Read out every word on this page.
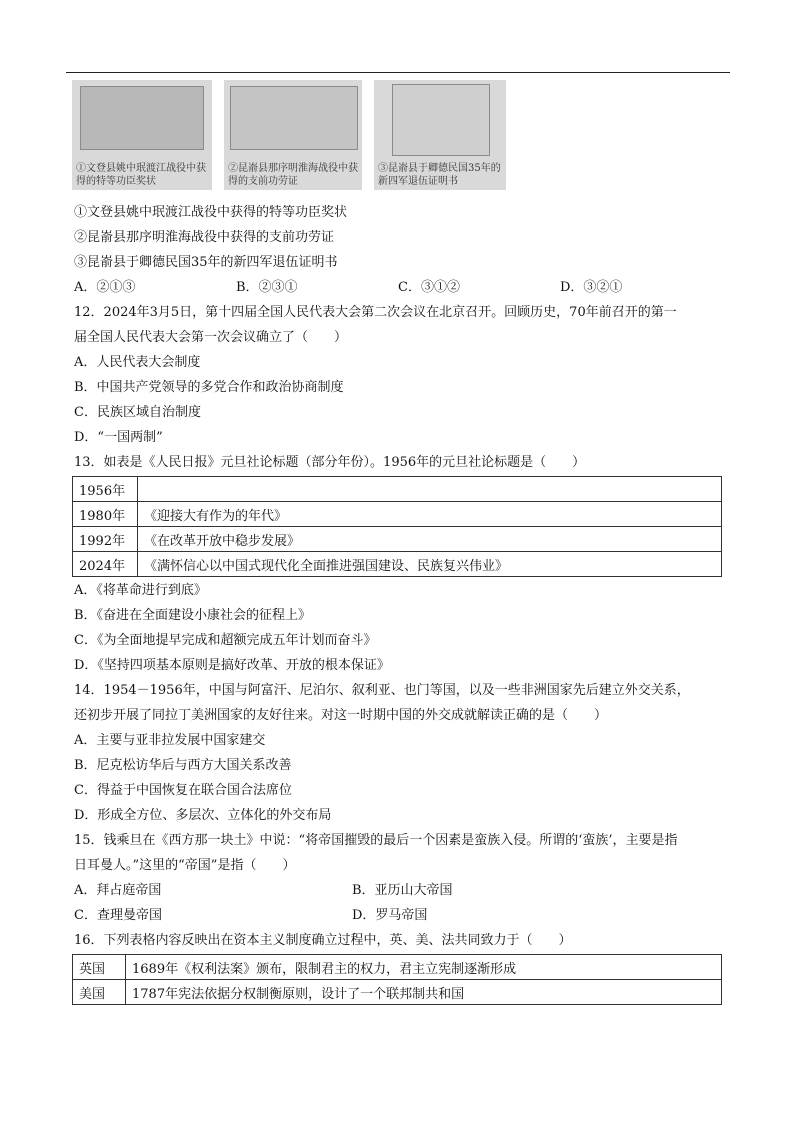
①文登县姚中珉渡江战役中获得的特等功臣奖状
②昆嵛县那序明淮海战役中获得的支前功劳证
③昆嵛县于卿德民国35年的新四军退伍证明书
①文登县姚中珉渡江战役中获得的特等功臣奖状
②昆嵛县那序明淮海战役中获得的支前功劳证
③昆嵛县于卿德民国35年的新四军退伍证明书
A．②①③	B．②③①	C．③①②	D．③②①
12．2024年3月5日，第十四届全国人民代表大会第二次会议在北京召开。回顾历史，70年前召开的第一
届全国人民代表大会第一次会议确立了（　　）
A．人民代表大会制度
B．中国共产党领导的多党合作和政治协商制度
C．民族区域自治制度
D．“一国两制”
13．如表是《人民日报》元旦社论标题（部分年份）。1956年的元旦社论标题是（　　）
1956年	
1980年	《迎接大有作为的年代》
1992年	《在改革开放中稳步发展》
2024年	《满怀信心以中国式现代化全面推进强国建设、民族复兴伟业》
A．《将革命进行到底》
B．《奋进在全面建设小康社会的征程上》
C．《为全面地提早完成和超额完成五年计划而奋斗》
D．《坚持四项基本原则是搞好改革、开放的根本保证》
14．1954－1956年，中国与阿富汗、尼泊尔、叙利亚、也门等国，以及一些非洲国家先后建立外交关系，
还初步开展了同拉丁美洲国家的友好往来。对这一时期中国的外交成就解读正确的是（　　）
A．主要与亚非拉发展中国家建交
B．尼克松访华后与西方大国关系改善
C．得益于中国恢复在联合国合法席位
D．形成全方位、多层次、立体化的外交布局
15．钱乘旦在《西方那一块土》中说：“将帝国摧毁的最后一个因素是蛮族入侵。所谓的‘蛮族’，主要是指
日耳曼人。”这里的“帝国”是指（　　）
A．拜占庭帝国	B．亚历山大帝国
C．查理曼帝国	D．罗马帝国
16．下列表格内容反映出在资本主义制度确立过程中，英、美、法共同致力于（　　）
英国	1689年《权利法案》颁布，限制君主的权力，君主立宪制逐渐形成
美国	1787年宪法依据分权制衡原则，设计了一个联邦制共和国
